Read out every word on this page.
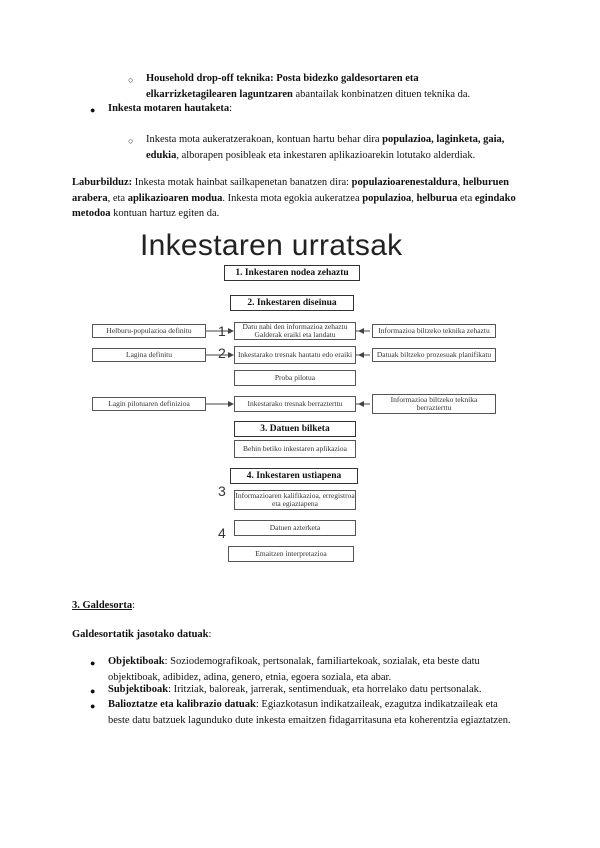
○ Household drop-off teknika: Posta bidezko galdesortaren eta elkarrizketagilearen laguntzaren abantailak konbinatzen dituen teknika da.
● Inkesta motaren hautaketa:
○ Inkesta mota aukeratzerakoan, kontuan hartu behar dira populazioa, laginketa, gaia, edukia, alborapen posibleak eta inkestaren aplikazioarekin lotutako alderdiak.
Laburbilduz: Inkesta motak hainbat sailkapenetan banatzen dira: populazioarenestaldura, helburuen arabera, eta aplikazioaren modua. Inkesta mota egokia aukeratzea populazioa, helburua eta egindako metodoa kontuan hartuz egiten da.
Inkestaren urratsak
1. Inkestaren nodea zehaztu
2. Inkestaren diseinua
Helburu-populazioa definitu
Lagina definitu
Lagin pilotuaren definizioa
1
2
Datu nahi den informazioa zehaztu Galderak eraiki eta landatu
Inkestarako tresnak hautatu edo eraiki
Proba pilotua
Inkestarako tresnak berrazterttu
Informazioa biltzeko teknika zehaztu
Datuak biltzeko prozesuak planifikatu
Informazioa biltzeko teknika berrazterttu
3. Datuen bilketa
Behin betiko inkestaren aplikazioa
4. Inkestaren ustiapena
3 Informazioaren kalifikazioa, erregistroa eta egiaztapena
Datuen azterketa
4
Emaitzen interpretazioa
3. Galdesorta:
Galdesortatik jasotako datuak:
● Objektiboak: Soziodemografikoak, pertsonalak, familiartekoak, sozialak, eta beste datu objektiboak, adibidez, adina, genero, etnia, egoera soziala, eta abar.
● Subjektiboak: Iritziak, baloreak, jarrerak, sentimenduak, eta horrelako datu pertsonalak.
● Balioztatze eta kalibrazio datuak: Egiazkotasun indikatzaileak, ezagutza indikatzaileak eta beste datu batzuek lagunduko dute inkesta emaitzen fidagarritasuna eta koherentzia egiaztatzen.
